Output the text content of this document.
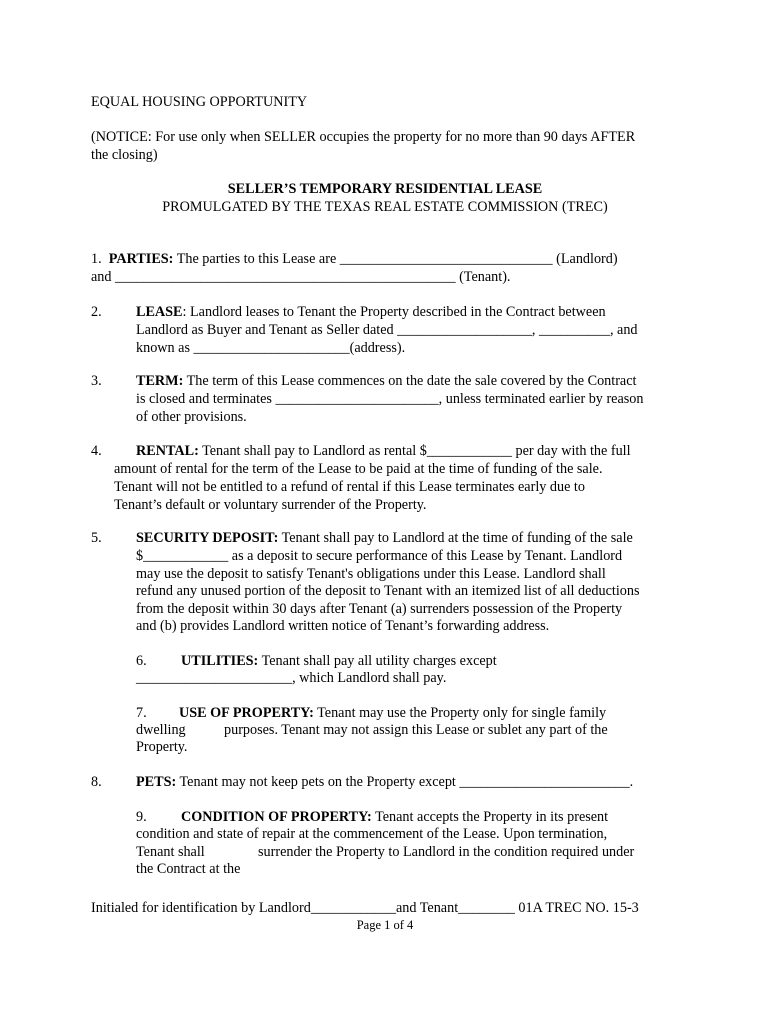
EQUAL HOUSING OPPORTUNITY
(NOTICE: For use only when SELLER occupies the property for no more than 90 days AFTER
the closing)
SELLER’S TEMPORARY RESIDENTIAL LEASE
PROMULGATED BY THE TEXAS REAL ESTATE COMMISSION (TREC)
1. PARTIES: The parties to this Lease are ______________________________ (Landlord)
and ________________________________________________ (Tenant).
2. LEASE: Landlord leases to Tenant the Property described in the Contract between
Landlord as Buyer and Tenant as Seller dated ___________________, __________, and
known as ______________________(address).
3. TERM: The term of this Lease commences on the date the sale covered by the Contract
is closed and terminates _______________________, unless terminated earlier by reason
of other provisions.
4. RENTAL: Tenant shall pay to Landlord as rental $____________ per day with the full
amount of rental for the term of the Lease to be paid at the time of funding of the sale.
Tenant will not be entitled to a refund of rental if this Lease terminates early due to
Tenant’s default or voluntary surrender of the Property.
5. SECURITY DEPOSIT: Tenant shall pay to Landlord at the time of funding of the sale
$____________ as a deposit to secure performance of this Lease by Tenant. Landlord
may use the deposit to satisfy Tenant's obligations under this Lease. Landlord shall
refund any unused portion of the deposit to Tenant with an itemized list of all deductions
from the deposit within 30 days after Tenant (a) surrenders possession of the Property
and (b) provides Landlord written notice of Tenant’s forwarding address.
6. UTILITIES: Tenant shall pay all utility charges except
______________________, which Landlord shall pay.
7. USE OF PROPERTY: Tenant may use the Property only for single family
dwelling	purposes. Tenant may not assign this Lease or sublet any part of the
Property.
8. PETS: Tenant may not keep pets on the Property except ________________________.
9. CONDITION OF PROPERTY: Tenant accepts the Property in its present
condition and state of repair at the commencement of the Lease. Upon termination,
Tenant shall	surrender the Property to Landlord in the condition required under
the Contract at the
Initialed for identification by Landlord____________and Tenant________ 01A TREC NO. 15-3
Page 1 of 4
